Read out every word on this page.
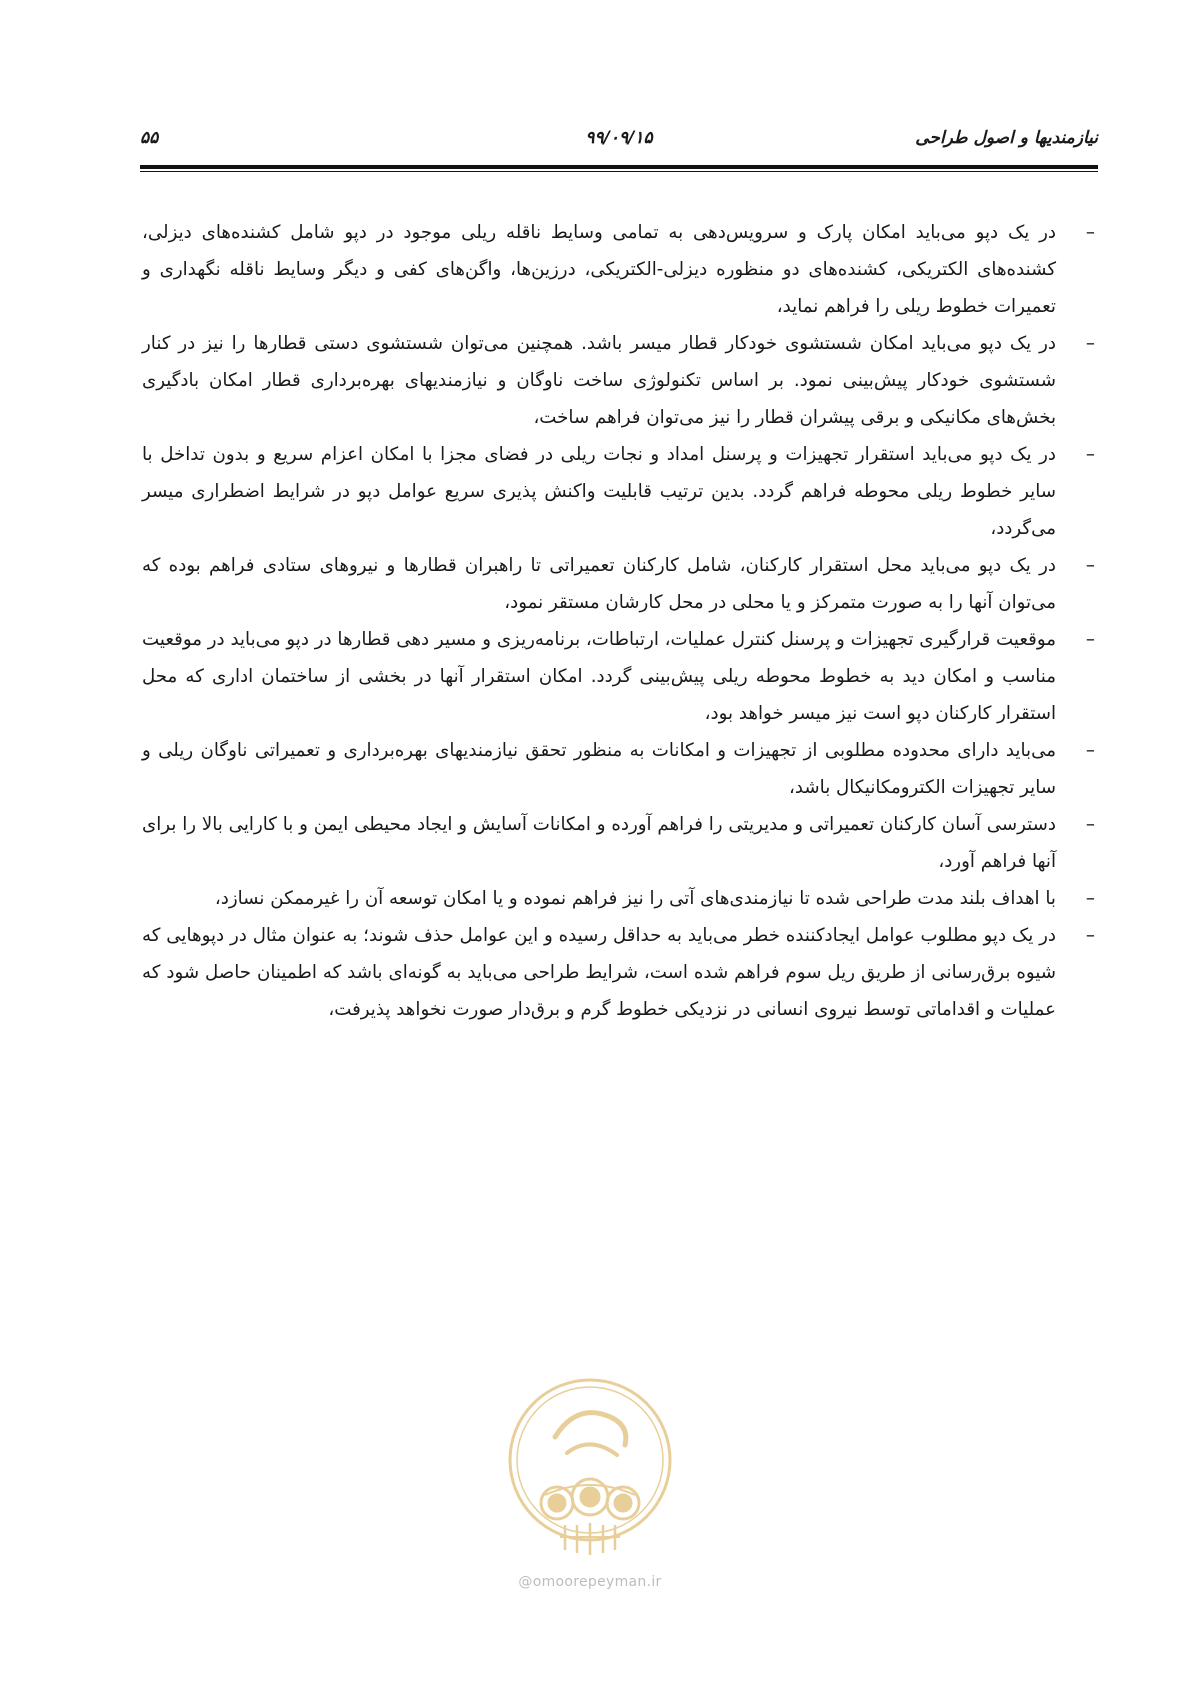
نیازمندیها و اصول طراحی
۹۹/۰۹/۱۵
۵۵
–
در یک دپو می‌باید امکان پارک و سرویس‌دهی به تمامی وسایط ناقله ریلی موجود در دپو شامل کشنده‌های دیزلی، کشنده‌های الکتریکی، کشنده‌های دو منظوره دیزلی-الکتریکی، درزین‌ها، واگن‌های کفی و دیگر وسایط ناقله نگهداری و تعمیرات خطوط ریلی را فراهم نماید،
–
در یک دپو می‌باید امکان شستشوی خودکار قطار میسر باشد. همچنین می‌توان شستشوی دستی قطارها را نیز در کنار شستشوی خودکار پیش‌بینی نمود. بر اساس تکنولوژی ساخت ناوگان و نیازمندیهای بهره‌برداری قطار امکان بادگیری بخش‌های مکانیکی و برقی پیشران قطار را نیز می‌توان فراهم ساخت،
–
در یک دپو می‌باید استقرار تجهیزات و پرسنل امداد و نجات ریلی در فضای مجزا با امکان اعزام سریع و بدون تداخل با سایر خطوط ریلی محوطه فراهم گردد. بدین ترتیب قابلیت واکنش پذیری سریع عوامل دپو در شرایط اضطراری میسر می‌گردد،
–
در یک دپو می‌باید محل استقرار کارکنان، شامل کارکنان تعمیراتی تا راهبران قطارها و نیروهای ستادی فراهم بوده که می‌توان آنها را به صورت متمرکز و یا محلی در محل کارشان مستقر نمود،
–
موقعیت قرارگیری تجهیزات و پرسنل کنترل عملیات، ارتباطات، برنامه‌ریزی و مسیر دهی قطارها در دپو می‌باید در موقعیت مناسب و امکان دید به خطوط محوطه ریلی پیش‌بینی گردد. امکان استقرار آنها در بخشی از ساختمان اداری که محل استقرار کارکنان دپو است نیز میسر خواهد بود،
–
می‌باید دارای محدوده مطلوبی از تجهیزات و امکانات به منظور تحقق نیازمندیهای بهره‌برداری و تعمیراتی ناوگان ریلی و سایر تجهیزات الکترومکانیکال باشد،
–
دسترسی آسان کارکنان تعمیراتی و مدیریتی را فراهم آورده و امکانات آسایش و ایجاد محیطی ایمن و با کارایی بالا را برای آنها فراهم آورد،
–
با اهداف بلند مدت طراحی شده تا نیازمندی‌های آتی را نیز فراهم نموده و یا امکان توسعه آن را غیرممکن نسازد،
–
در یک دپو مطلوب عوامل ایجادکننده خطر می‌باید به حداقل رسیده و این عوامل حذف شوند؛ به عنوان مثال در دپوهایی که شیوه برق‌رسانی از طریق ریل سوم فراهم شده است، شرایط طراحی می‌باید به گونه‌ای باشد که اطمینان حاصل شود که عملیات و اقداماتی توسط نیروی انسانی در نزدیکی خطوط گرم و برق‌دار صورت نخواهد پذیرفت،
@omoorepeyman.ir
